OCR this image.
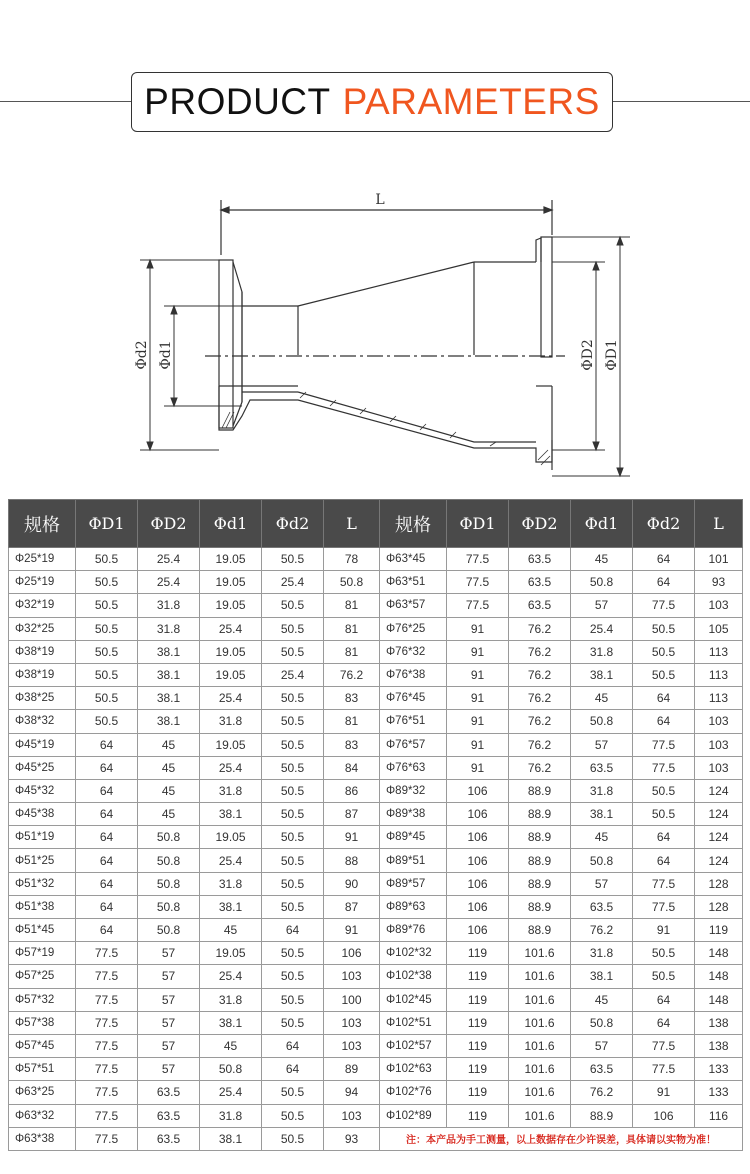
PRODUCT PARAMETERS
L
Φd2 Φd1	ΦD2 ΦD1
规格	ΦD1	ΦD2	Φd1	Φd2	L	规格	ΦD1	ΦD2	Φd1	Φd2	L
Φ25*19	50.5	25.4	19.05	50.5	78	Φ63*45	77.5	63.5	45	64	101
Φ25*19	50.5	25.4	19.05	25.4	50.8	Φ63*51	77.5	63.5	50.8	64	93
Φ32*19	50.5	31.8	19.05	50.5	81	Φ63*57	77.5	63.5	57	77.5	103
Φ32*25	50.5	31.8	25.4	50.5	81	Φ76*25	91	76.2	25.4	50.5	105
Φ38*19	50.5	38.1	19.05	50.5	81	Φ76*32	91	76.2	31.8	50.5	113
Φ38*19	50.5	38.1	19.05	25.4	76.2	Φ76*38	91	76.2	38.1	50.5	113
Φ38*25	50.5	38.1	25.4	50.5	83	Φ76*45	91	76.2	45	64	113
Φ38*32	50.5	38.1	31.8	50.5	81	Φ76*51	91	76.2	50.8	64	103
Φ45*19	64	45	19.05	50.5	83	Φ76*57	91	76.2	57	77.5	103
Φ45*25	64	45	25.4	50.5	84	Φ76*63	91	76.2	63.5	77.5	103
Φ45*32	64	45	31.8	50.5	86	Φ89*32	106	88.9	31.8	50.5	124
Φ45*38	64	45	38.1	50.5	87	Φ89*38	106	88.9	38.1	50.5	124
Φ51*19	64	50.8	19.05	50.5	91	Φ89*45	106	88.9	45	64	124
Φ51*25	64	50.8	25.4	50.5	88	Φ89*51	106	88.9	50.8	64	124
Φ51*32	64	50.8	31.8	50.5	90	Φ89*57	106	88.9	57	77.5	128
Φ51*38	64	50.8	38.1	50.5	87	Φ89*63	106	88.9	63.5	77.5	128
Φ51*45	64	50.8	45	64	91	Φ89*76	106	88.9	76.2	91	119
Φ57*19	77.5	57	19.05	50.5	106	Φ102*32	119	101.6	31.8	50.5	148
Φ57*25	77.5	57	25.4	50.5	103	Φ102*38	119	101.6	38.1	50.5	148
Φ57*32	77.5	57	31.8	50.5	100	Φ102*45	119	101.6	45	64	148
Φ57*38	77.5	57	38.1	50.5	103	Φ102*51	119	101.6	50.8	64	138
Φ57*45	77.5	57	45	64	103	Φ102*57	119	101.6	57	77.5	138
Φ57*51	77.5	57	50.8	64	89	Φ102*63	119	101.6	63.5	77.5	133
Φ63*25	77.5	63.5	25.4	50.5	94	Φ102*76	119	101.6	76.2	91	133
Φ63*32	77.5	63.5	31.8	50.5	103	Φ102*89	119	101.6	88.9	106	116
Φ63*38	77.5	63.5	38.1	50.5	93	注：本产品为手工测量，以上数据存在少许误差，具体请以实物为准！					
